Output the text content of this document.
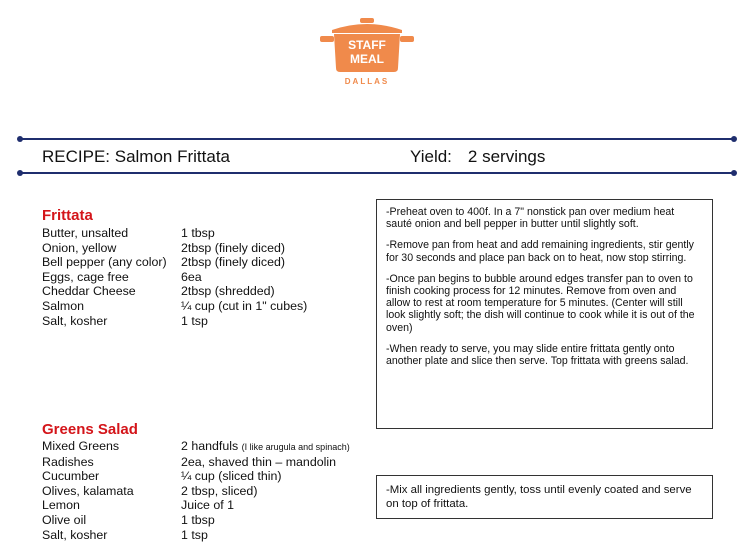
STAFF
MEAL
DALLAS
RECIPE: Salmon Frittata	Yield: 2 servings
Frittata
Butter, unsalted	1 tbsp
Onion, yellow	2tbsp (finely diced)
Bell pepper (any color)	2tbsp (finely diced)
Eggs, cage free	6ea
Cheddar Cheese	2tbsp (shredded)
Salmon	¼ cup (cut in 1" cubes)
Salt, kosher	1 tsp

-Preheat oven to 400f. In a 7" nonstick pan over medium heat sauté onion and bell pepper in butter until slightly soft.

-Remove pan from heat and add remaining ingredients, stir gently for 30 seconds and place pan back on to heat, now stop stirring.

-Once pan begins to bubble around edges transfer pan to oven to finish cooking process for 12 minutes. Remove from oven and allow to rest at room temperature for 5 minutes. (Center will still look slightly soft; the dish will continue to cook while it is out of the oven)

-When ready to serve, you may slide entire frittata gently onto another plate and slice then serve. Top frittata with greens salad.

Greens Salad
Mixed Greens	2 handfuls (I like arugula and spinach)
Radishes	2ea, shaved thin – mandolin
Cucumber	¼ cup (sliced thin)
Olives, kalamata	2 tbsp, sliced)
Lemon	Juice of 1
Olive oil	1 tbsp
Salt, kosher	1 tsp

-Mix all ingredients gently, toss until evenly coated and serve on top of frittata.
